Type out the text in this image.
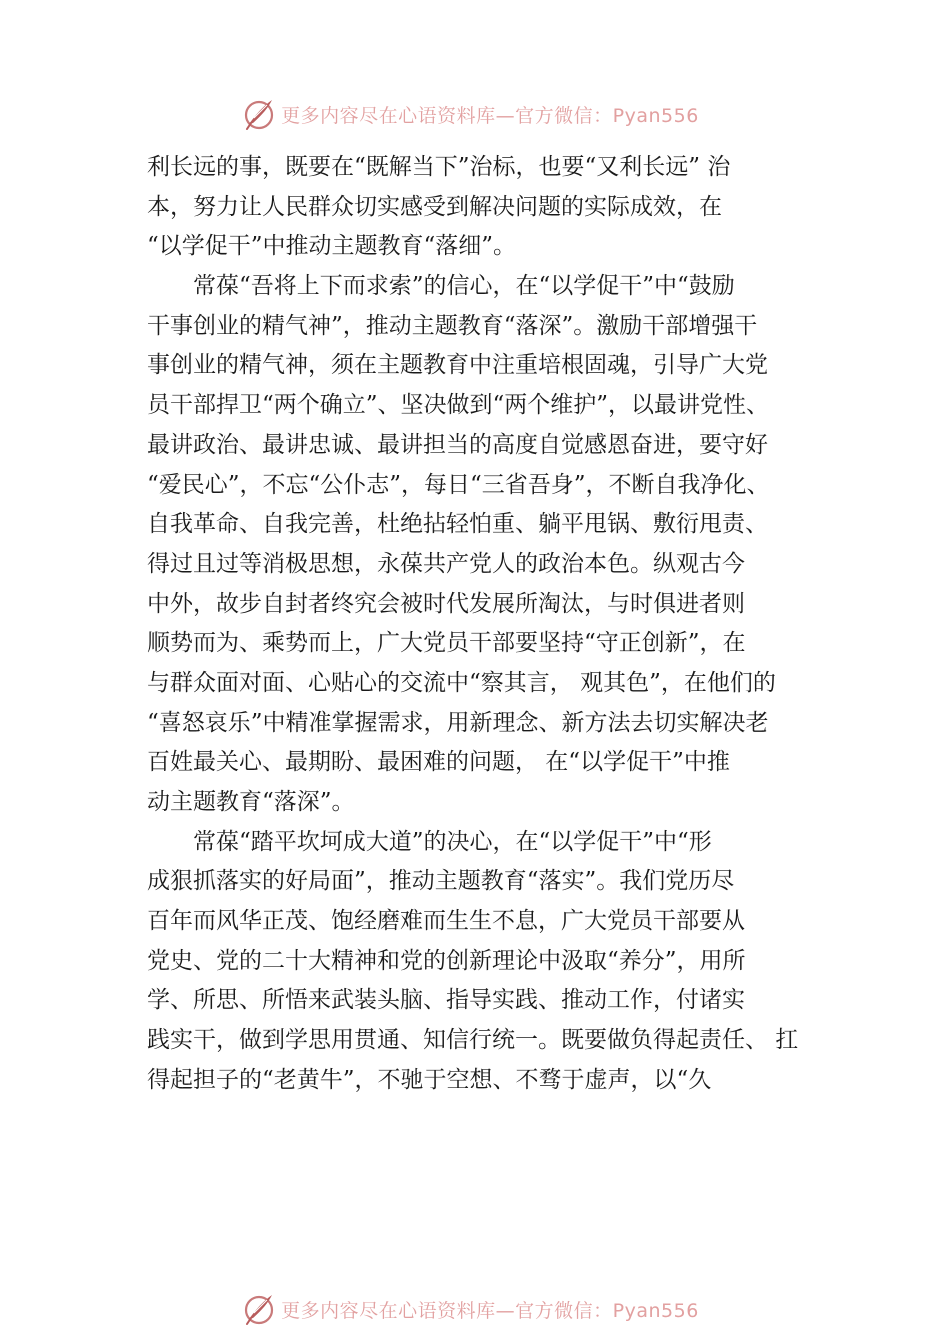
更多内容尽在心语资料库—官方微信：Pyan556
利长远的事，既要在“既解当下”治标，也要“又利长远” 治
本，努力让人民群众切实感受到解决问题的实际成效，在
“以学促干”中推动主题教育“落细”。
　　常葆“吾将上下而求索”的信心，在“以学促干”中“鼓励
干事创业的精气神”，推动主题教育“落深”。激励干部增强干
事创业的精气神，须在主题教育中注重培根固魂，引导广大党
员干部捍卫“两个确立”、坚决做到“两个维护”，以最讲党性、
最讲政治、最讲忠诚、最讲担当的高度自觉感恩奋进，要守好
“爱民心”，不忘“公仆志”，每日“三省吾身”，不断自我净化、
自我革命、自我完善，杜绝拈轻怕重、躺平甩锅、敷衍甩责、
得过且过等消极思想，永葆共产党人的政治本色。纵观古今
中外，故步自封者终究会被时代发展所淘汰，与时俱进者则
顺势而为、乘势而上，广大党员干部要坚持“守正创新”，在
与群众面对面、心贴心的交流中“察其言， 观其色”，在他们的
“喜怒哀乐”中精准掌握需求，用新理念、新方法去切实解决老
百姓最关心、最期盼、最困难的问题， 在“以学促干”中推
动主题教育“落深”。
　　常葆“踏平坎坷成大道”的决心，在“以学促干”中“形
成狠抓落实的好局面”，推动主题教育“落实”。我们党历尽
百年而风华正茂、饱经磨难而生生不息，广大党员干部要从
党史、党的二十大精神和党的创新理论中汲取“养分”，用所
学、所思、所悟来武装头脑、指导实践、推动工作，付诸实
践实干，做到学思用贯通、知信行统一。既要做负得起责任、 扛
得起担子的“老黄牛”，不驰于空想、不骛于虚声，以“久
更多内容尽在心语资料库—官方微信：Pyan556
